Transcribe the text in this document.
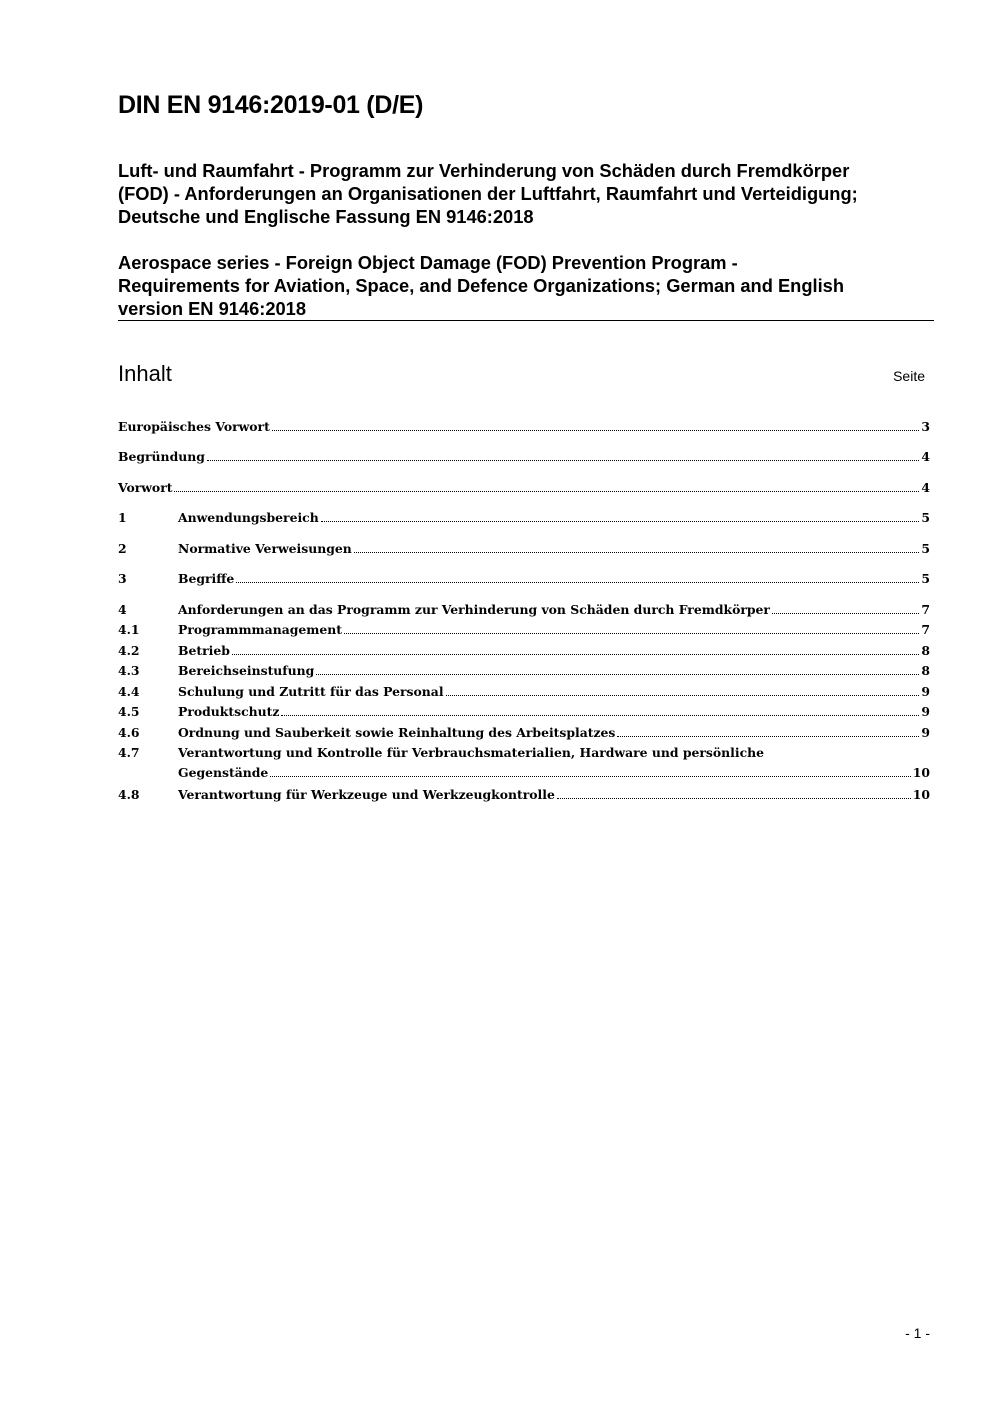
DIN EN 9146:2019-01 (D/E)
Luft- und Raumfahrt - Programm zur Verhinderung von Schäden durch Fremdkörper
(FOD) - Anforderungen an Organisationen der Luftfahrt, Raumfahrt und Verteidigung;
Deutsche und Englische Fassung EN 9146:2018
Aerospace series - Foreign Object Damage (FOD) Prevention Program -
Requirements for Aviation, Space, and Defence Organizations; German and English
version EN 9146:2018
Inhalt	Seite
Europäisches Vorwort	3
Begründung	4
Vorwort	4
1	Anwendungsbereich	5
2	Normative Verweisungen	5
3	Begriffe	5
4	Anforderungen an das Programm zur Verhinderung von Schäden durch Fremdkörper	7
4.1	Programmmanagement	7
4.2	Betrieb	8
4.3	Bereichseinstufung	8
4.4	Schulung und Zutritt für das Personal	9
4.5	Produktschutz	9
4.6	Ordnung und Sauberkeit sowie Reinhaltung des Arbeitsplatzes	9
4.7	Verantwortung und Kontrolle für Verbrauchsmaterialien, Hardware und persönliche
Gegenstände	10
4.8	Verantwortung für Werkzeuge und Werkzeugkontrolle	10
- 1 -
